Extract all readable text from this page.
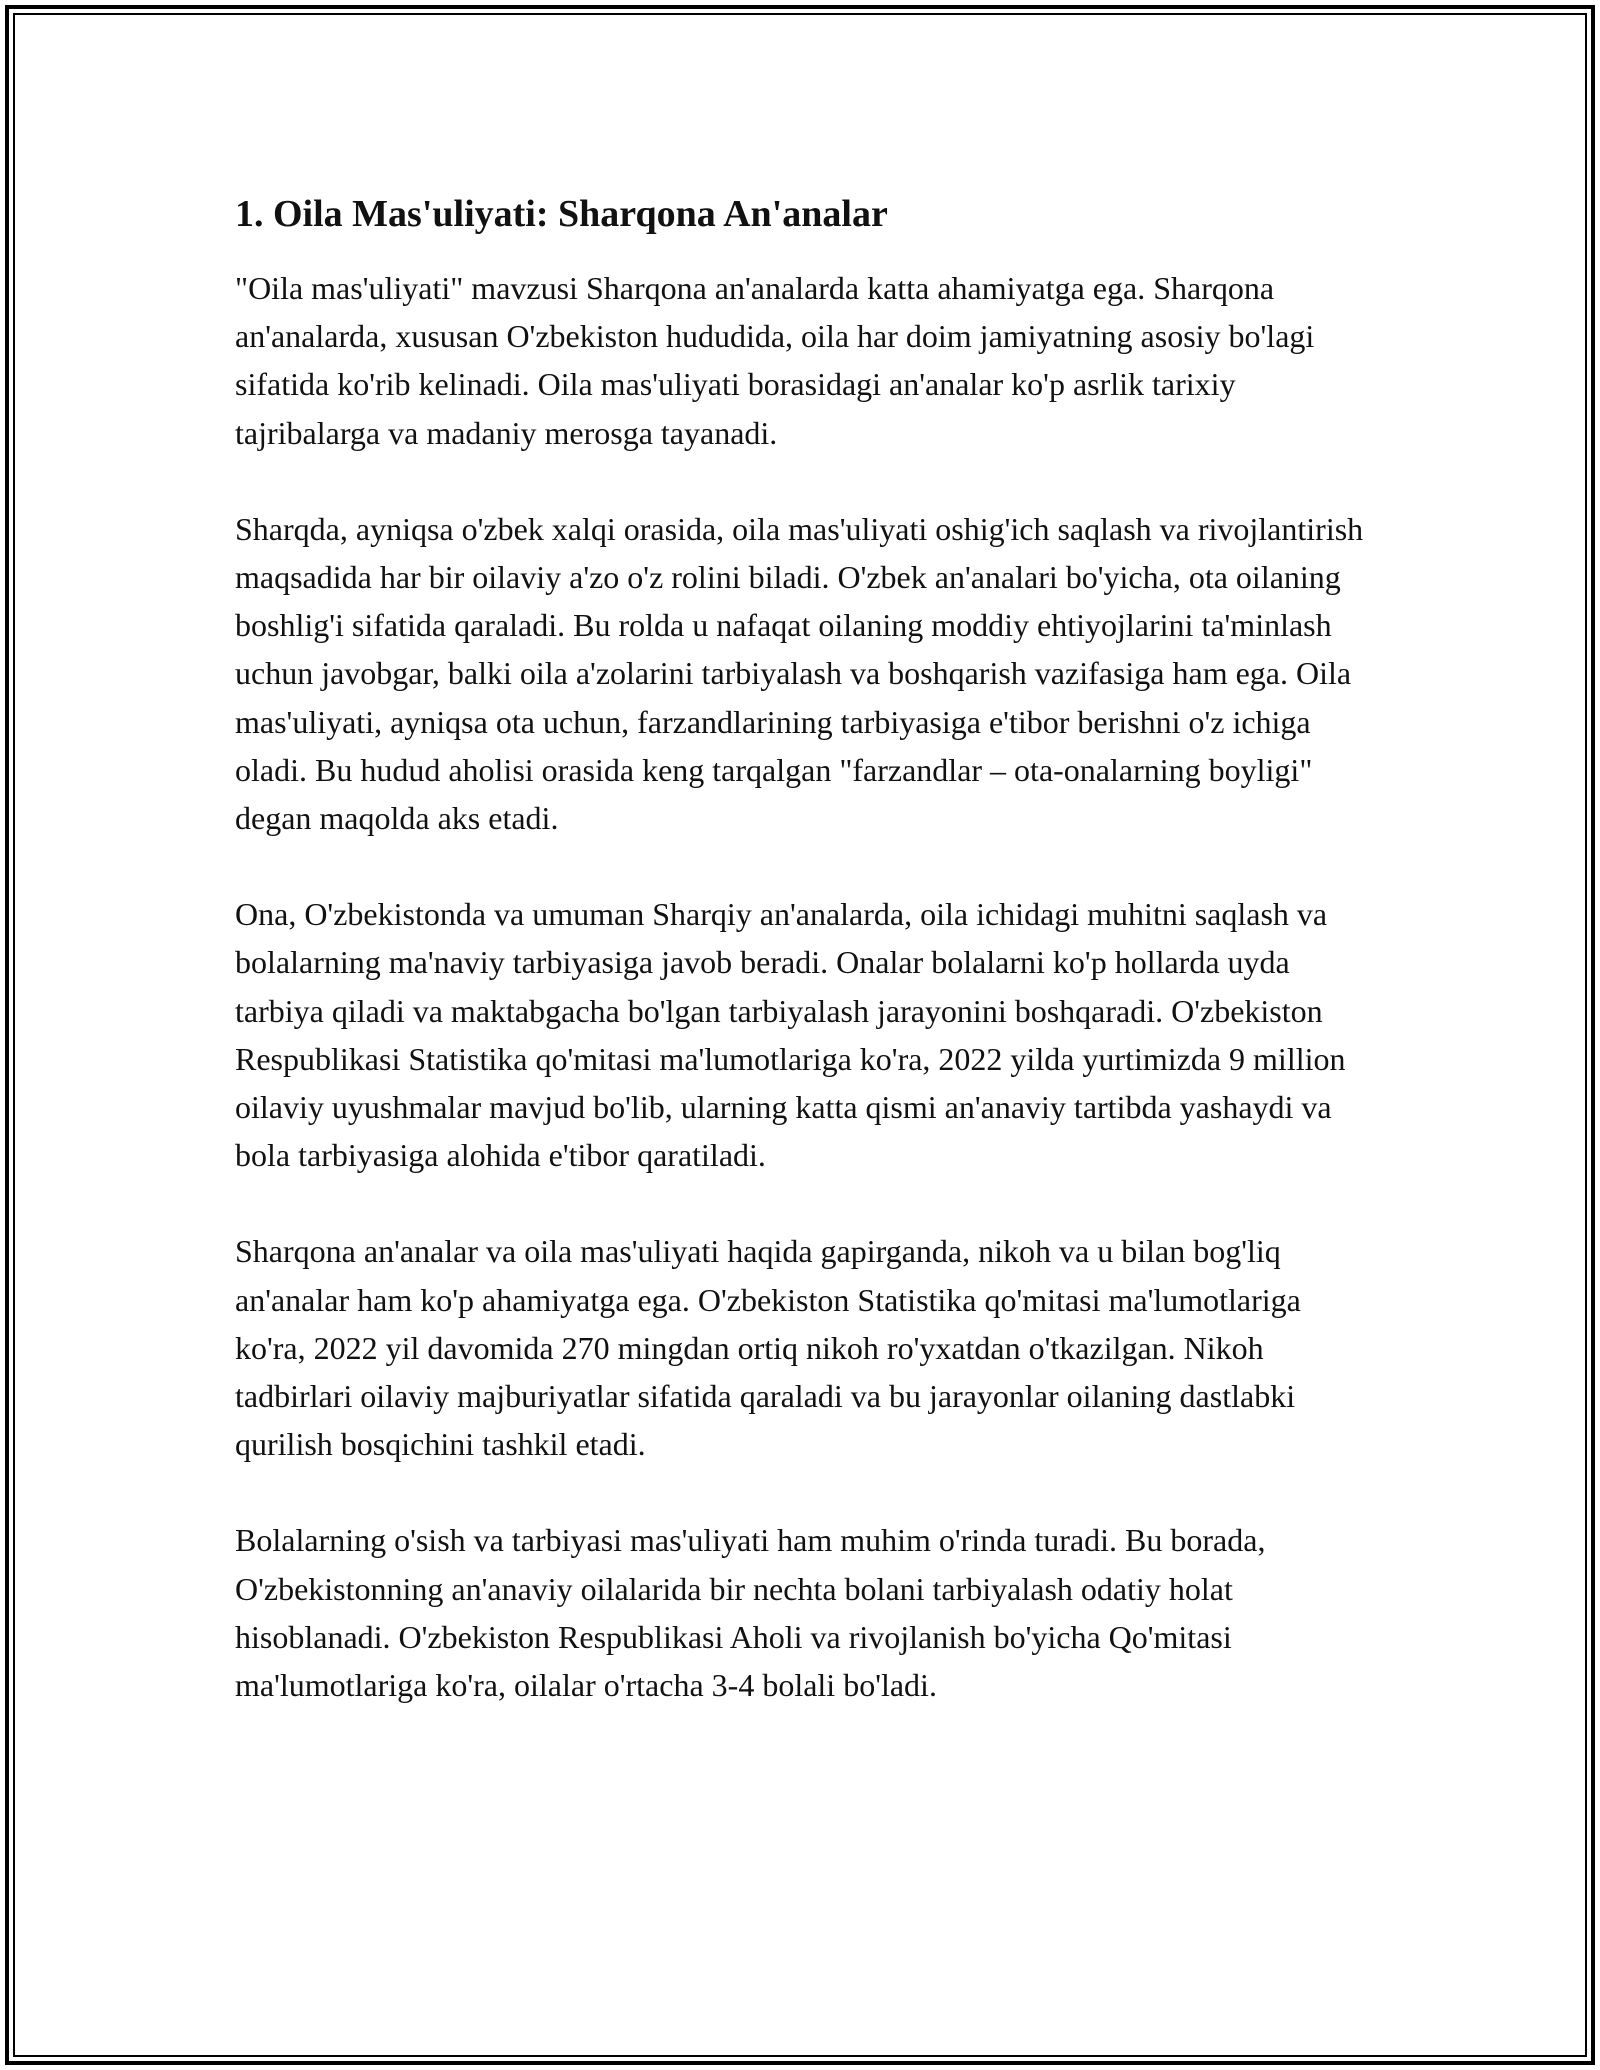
1. Oila Mas'uliyati: Sharqona An'analar

"Oila mas'uliyati" mavzusi Sharqona an'analarda katta ahamiyatga ega. Sharqona an'analarda, xususan O'zbekiston hududida, oila har doim jamiyatning asosiy bo'lagi sifatida ko'rib kelinadi. Oila mas'uliyati borasidagi an'analar ko'p asrlik tarixiy tajribalarga va madaniy merosga tayanadi.

Sharqda, ayniqsa o'zbek xalqi orasida, oila mas'uliyati oshig'ich saqlash va rivojlantirish maqsadida har bir oilaviy a'zo o'z rolini biladi. O'zbek an'analari bo'yicha, ota oilaning boshlig'i sifatida qaraladi. Bu rolda u nafaqat oilaning moddiy ehtiyojlarini ta'minlash uchun javobgar, balki oila a'zolarini tarbiyalash va boshqarish vazifasiga ham ega. Oila mas'uliyati, ayniqsa ota uchun, farzandlarining tarbiyasiga e'tibor berishni o'z ichiga oladi. Bu hudud aholisi orasida keng tarqalgan "farzandlar – ota-onalarning boyligi" degan maqolda aks etadi.

Ona, O'zbekistonda va umuman Sharqiy an'analarda, oila ichidagi muhitni saqlash va bolalarning ma'naviy tarbiyasiga javob beradi. Onalar bolalarni ko'p hollarda uyda tarbiya qiladi va maktabgacha bo'lgan tarbiyalash jarayonini boshqaradi. O'zbekiston Respublikasi Statistika qo'mitasi ma'lumotlariga ko'ra, 2022 yilda yurtimizda 9 million oilaviy uyushmalar mavjud bo'lib, ularning katta qismi an'anaviy tartibda yashaydi va bola tarbiyasiga alohida e'tibor qaratiladi.

Sharqona an'analar va oila mas'uliyati haqida gapirganda, nikoh va u bilan bog'liq an'analar ham ko'p ahamiyatga ega. O'zbekiston Statistika qo'mitasi ma'lumotlariga ko'ra, 2022 yil davomida 270 mingdan ortiq nikoh ro'yxatdan o'tkazilgan. Nikoh tadbirlari oilaviy majburiyatlar sifatida qaraladi va bu jarayonlar oilaning dastlabki qurilish bosqichini tashkil etadi.

Bolalarning o'sish va tarbiyasi mas'uliyati ham muhim o'rinda turadi. Bu borada, O'zbekistonning an'anaviy oilalarida bir nechta bolani tarbiyalash odatiy holat hisoblanadi. O'zbekiston Respublikasi Aholi va rivojlanish bo'yicha Qo'mitasi ma'lumotlariga ko'ra, oilalar o'rtacha 3-4 bolali bo'ladi.
